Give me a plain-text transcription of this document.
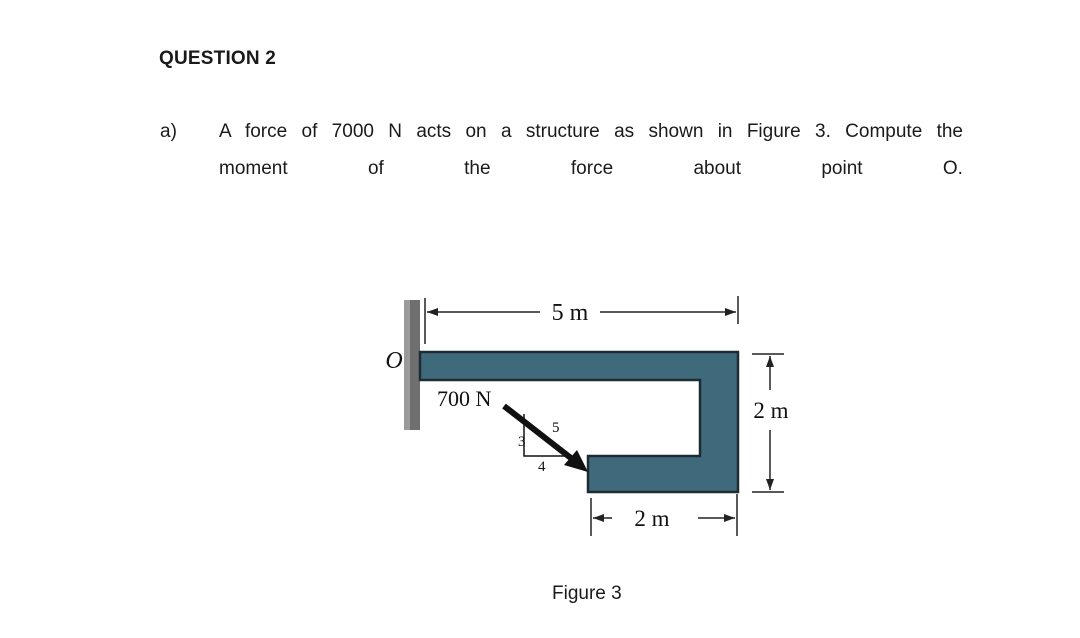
QUESTION 2
a) A force of 7000 N acts on a structure as shown in Figure 3. Compute the
moment	of	the	force	about	point	O.
5 m
O
700 N
3
4
5
2 m
2 m
Figure 3
